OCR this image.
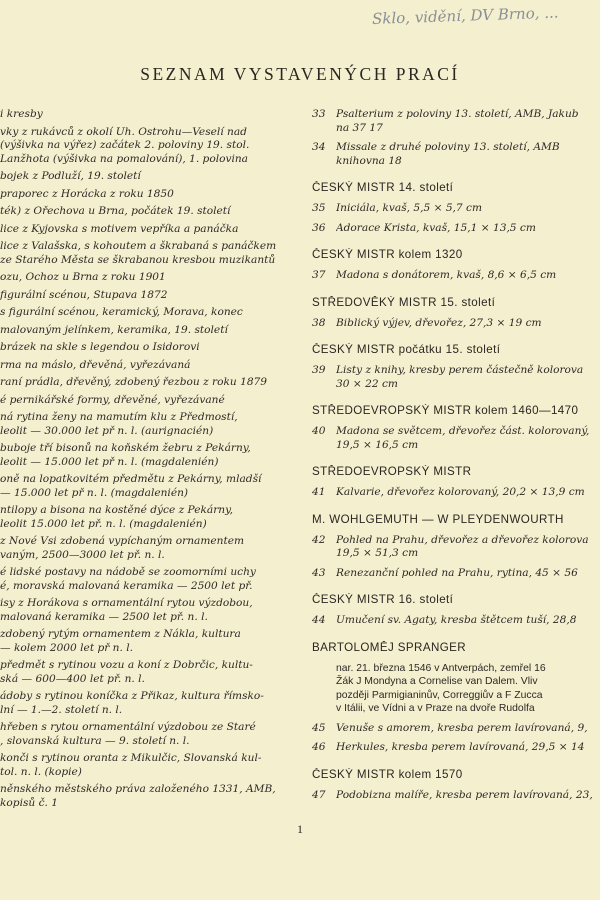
Sklo, vidění, DV Brno, ...
SEZNAM VYSTAVENÝCH PRACÍ
i kresby
vky z rukávců z okolí Uh. Ostrohu—Veselí nad
(výšivka na výřez) začátek 2. poloviny 19. stol.
Lanžhota (výšivka na pomalování), 1. polovina
bojek z Podluží, 19. století
praporec z Horácka z roku 1850
ték) z Ořechova u Brna, počátek 19. století
lice z Kyjovska s motivem vepříka a panáčka
lice z Valašska, s kohoutem a škrabaná s panáčkem
ze Starého Města se škrabanou kresbou muzikantů
ozu, Ochoz u Brna z roku 1901
figurální scénou, Stupava 1872
s figurální scénou, keramický, Morava, konec
malovaným jelínkem, keramika, 19. století
brázek na skle s legendou o Isidorovi
rma na máslo, dřevěná, vyřezávaná
raní prádla, dřevěný, zdobený řezbou z roku 1879
é pernikářské formy, dřevěné, vyřezávané
ná rytina ženy na mamutím klu z Předmostí,
leolit — 30.000 let př n. l. (aurignacién)
buboje tří bisonů na koňském žebru z Pekárny,
leolit — 15.000 let př n. l. (magdalenién)
oně na lopatkovitém předmětu z Pekárny, mladší
— 15.000 let př n. l. (magdalenién)
ntilopy a bisona na kostěné dýce z Pekárny,
leolit 15.000 let př. n. l. (magdalenién)
z Nové Vsi zdobená vypíchaným ornamentem
vaným, 2500—3000 let př. n. l.
é lidské postavy na nádobě se zoomorními uchy
é, moravská malovaná keramika — 2500 let př.
isy z Horákova s ornamentální rytou výzdobou,
malovaná keramika — 2500 let př. n. l.
zdobený rytým ornamentem z Nákla, kultura
— kolem 2000 let př n. l.
předmět s rytinou vozu a koní z Dobrčic, kultu-
ská — 600—400 let př. n. l.
ádoby s rytinou koníčka z Přikaz, kultura římsko-
lní — 1.—2. století n. l.
hřeben s rytou ornamentální výzdobou ze Staré
, slovanská kultura — 9. století n. l.
konči s rytinou oranta z Mikulčic, Slovanská kul-
tol. n. l. (kopie)
něnského městského práva založeného 1331, AMB,
kopisů č. 1
33 Psalterium z poloviny 13. století, AMB, Jakub
na 37 17
34 Missale z druhé poloviny 13. století, AMB
knihovna 18
ČESKÝ MISTR 14. století
35 Iniciála, kvaš, 5,5 × 5,7 cm
36 Adorace Krista, kvaš, 15,1 × 13,5 cm
ČESKÝ MISTR kolem 1320
37 Madona s donátorem, kvaš, 8,6 × 6,5 cm
STŘEDOVĚKÝ MISTR 15. století
38 Biblický výjev, dřevořez, 27,3 × 19 cm
ČESKÝ MISTR počátku 15. století
39 Listy z knihy, kresby perem částečně kolorova
30 × 22 cm
STŘEDOEVROPSKÝ MISTR kolem 1460—1470
40 Madona se světcem, dřevořez část. kolorovaný,
19,5 × 16,5 cm
STŘEDOEVROPSKÝ MISTR
41 Kalvarie, dřevořez kolorovaný, 20,2 × 13,9 cm
M. WOHLGEMUTH — W PLEYDENWOURTH
42 Pohled na Prahu, dřevořez a dřevořez kolorova
19,5 × 51,3 cm
43 Renezanční pohled na Prahu, rytina, 45 × 56
ČESKÝ MISTR 16. století
44 Umučení sv. Agaty, kresba štětcem tuší, 28,8
BARTOLOMĚJ SPRANGER
nar. 21. března 1546 v Antverpách, zemřel 16
Žák J Mondyna a Cornelise van Dalem. Vliv
později Parmigianinův, Correggiův a F Zucca
v Itálii, ve Vídni a v Praze na dvoře Rudolfa
45 Venuše s amorem, kresba perem lavírovaná, 9,
46 Herkules, kresba perem lavírovaná, 29,5 × 14
ČESKÝ MISTR kolem 1570
47 Podobizna malíře, kresba perem lavírovaná, 23,
1
